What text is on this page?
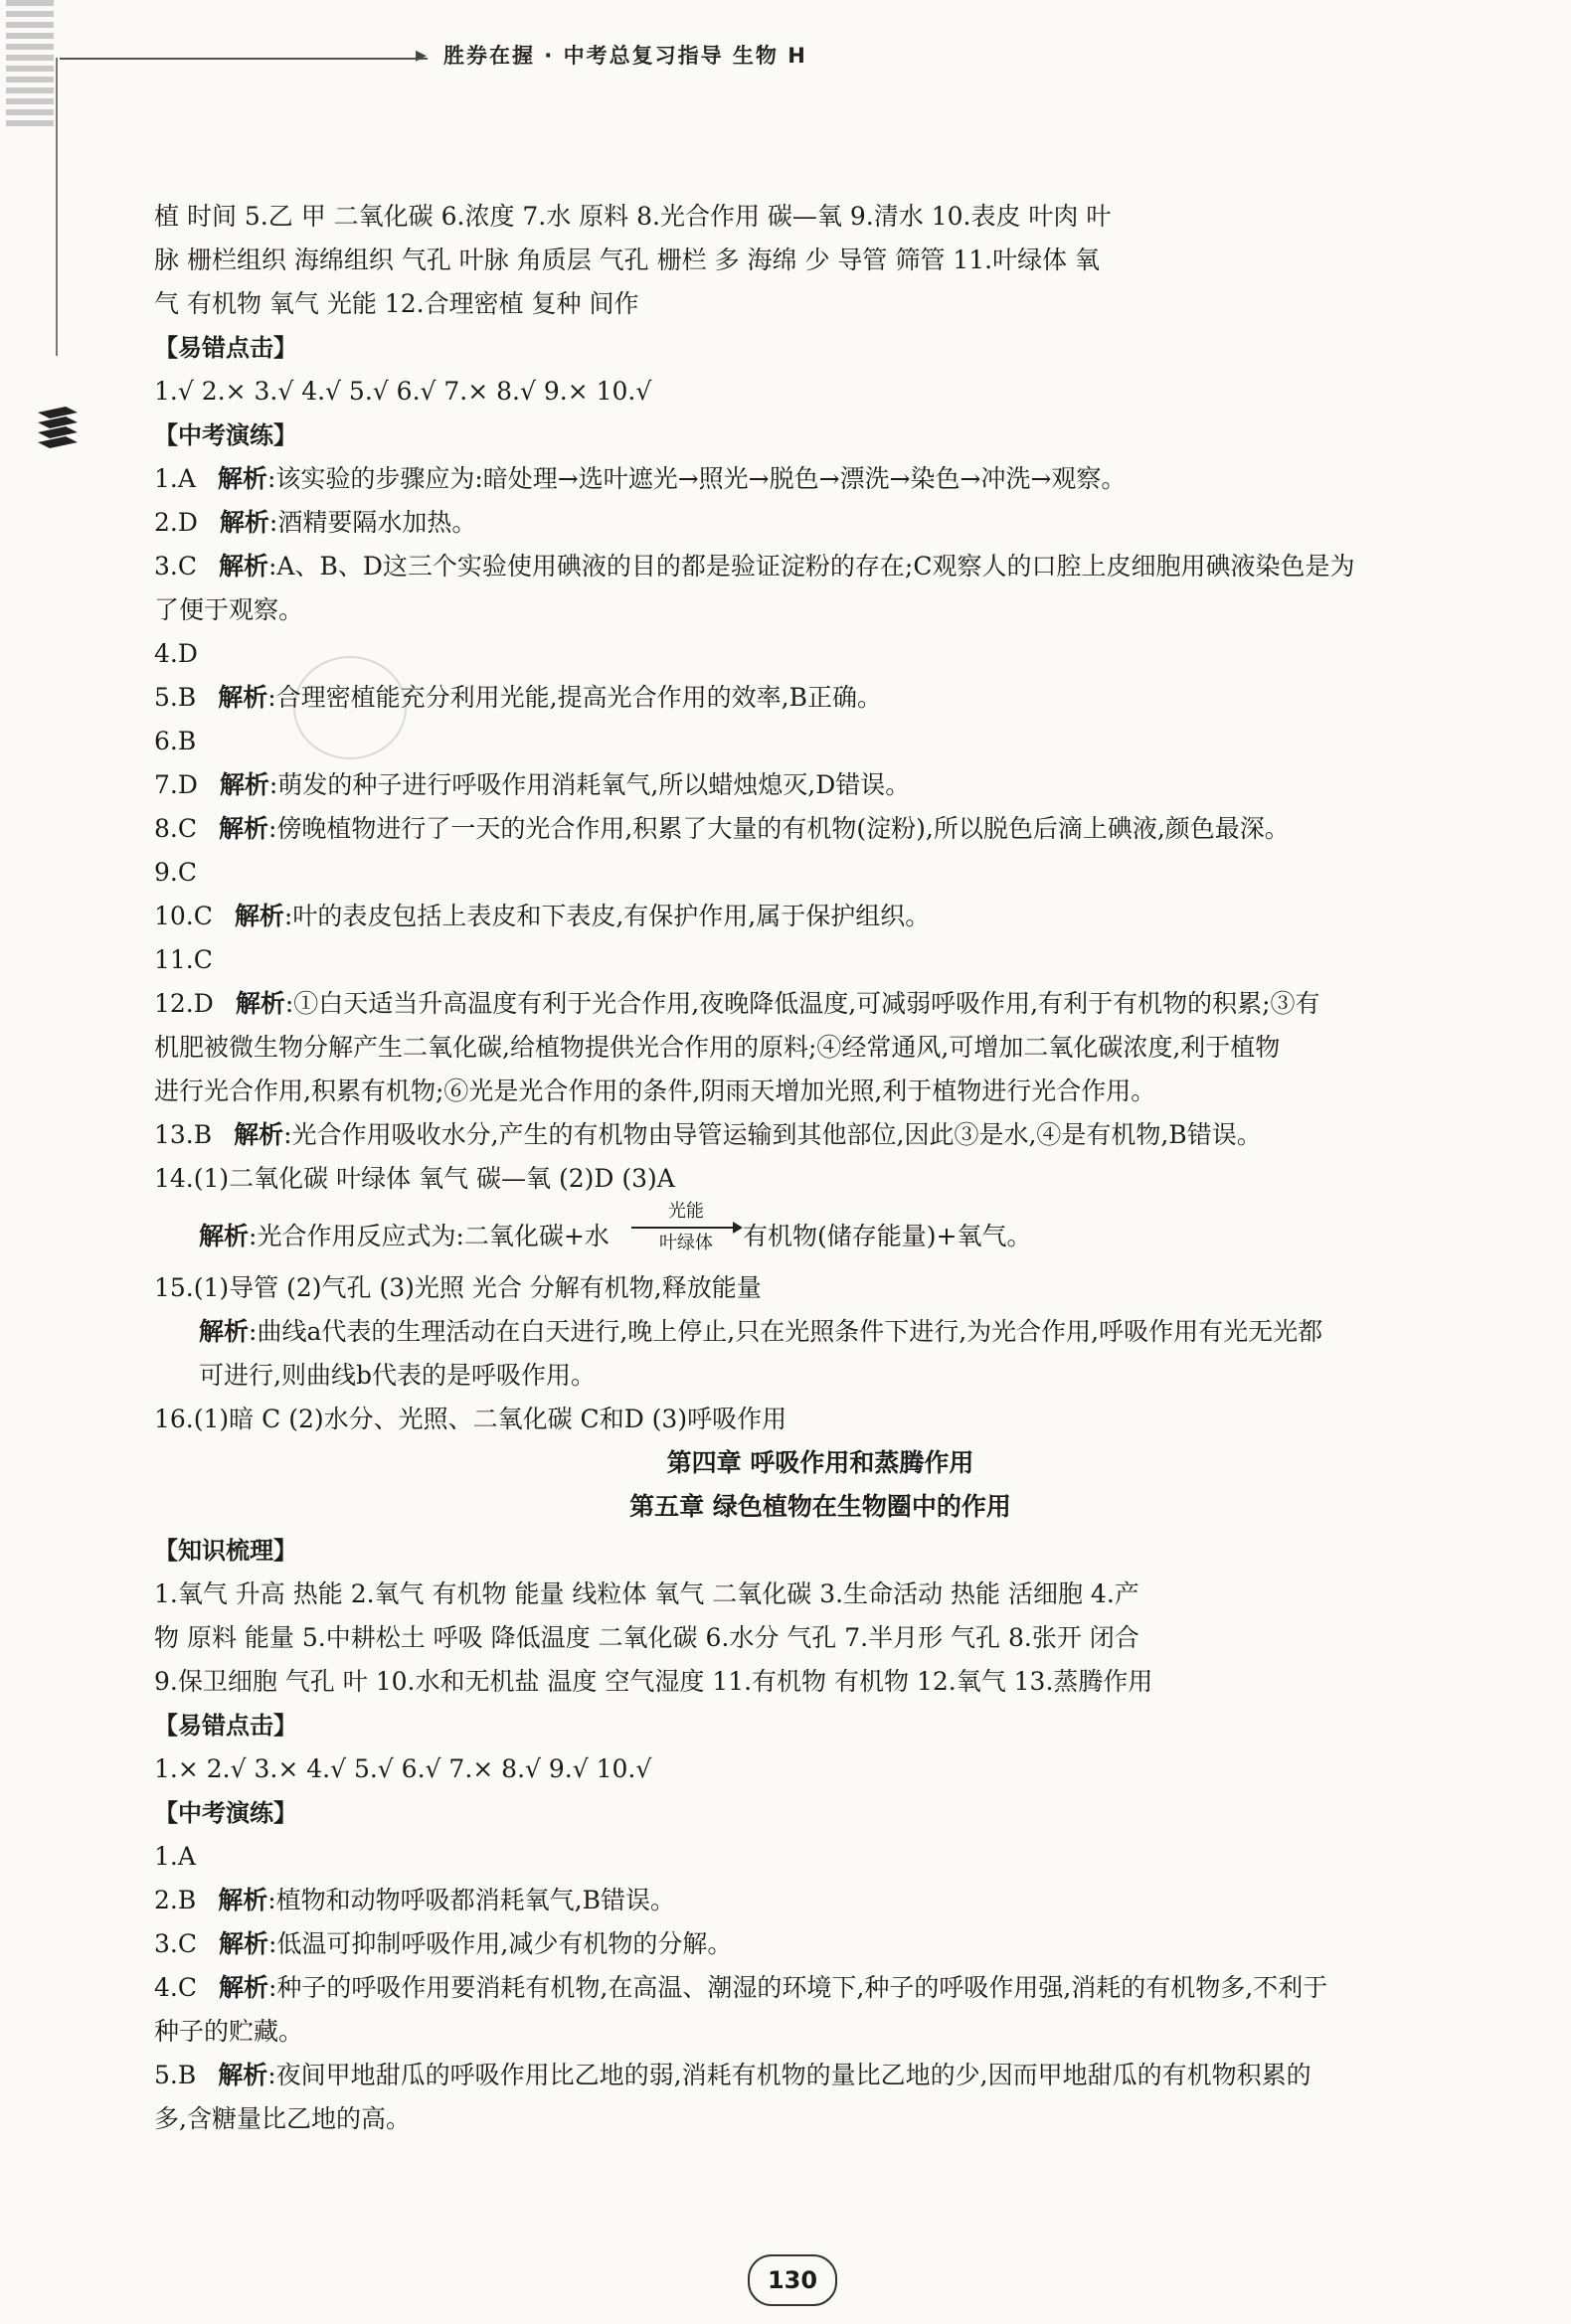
▸ 胜券在握 · 中考总复习指导 生物 H
植 时间 5.乙 甲 二氧化碳 6.浓度 7.水 原料 8.光合作用 碳—氧 9.清水 10.表皮 叶肉 叶
脉 栅栏组织 海绵组织 气孔 叶脉 角质层 气孔 栅栏 多 海绵 少 导管 筛管 11.叶绿体 氧
气 有机物 氧气 光能 12.合理密植 复种 间作
【易错点击】
1.√ 2.× 3.√ 4.√ 5.√ 6.√ 7.× 8.√ 9.× 10.√
【中考演练】
1.A 解析:该实验的步骤应为:暗处理→选叶遮光→照光→脱色→漂洗→染色→冲洗→观察。
2.D 解析:酒精要隔水加热。
3.C 解析:A、B、D这三个实验使用碘液的目的都是验证淀粉的存在;C观察人的口腔上皮细胞用碘液染色是为
了便于观察。
4.D
5.B 解析:合理密植能充分利用光能,提高光合作用的效率,B正确。
6.B
7.D 解析:萌发的种子进行呼吸作用消耗氧气,所以蜡烛熄灭,D错误。
8.C 解析:傍晚植物进行了一天的光合作用,积累了大量的有机物(淀粉),所以脱色后滴上碘液,颜色最深。
9.C
10.C 解析:叶的表皮包括上表皮和下表皮,有保护作用,属于保护组织。
11.C
12.D 解析:①白天适当升高温度有利于光合作用,夜晚降低温度,可减弱呼吸作用,有利于有机物的积累;③有
机肥被微生物分解产生二氧化碳,给植物提供光合作用的原料;④经常通风,可增加二氧化碳浓度,利于植物
进行光合作用,积累有机物;⑥光是光合作用的条件,阴雨天增加光照,利于植物进行光合作用。
13.B 解析:光合作用吸收水分,产生的有机物由导管运输到其他部位,因此③是水,④是有机物,B错误。
14.(1)二氧化碳 叶绿体 氧气 碳—氧 (2)D (3)A
解析:光合作用反应式为:二氧化碳+水
光能
叶绿体	有机物(储存能量)+氧气。
15.(1)导管 (2)气孔 (3)光照 光合 分解有机物,释放能量
解析:曲线a代表的生理活动在白天进行,晚上停止,只在光照条件下进行,为光合作用,呼吸作用有光无光都
可进行,则曲线b代表的是呼吸作用。
16.(1)暗 C (2)水分、光照、二氧化碳 C和D (3)呼吸作用
第四章 呼吸作用和蒸腾作用
第五章 绿色植物在生物圈中的作用
【知识梳理】
1.氧气 升高 热能 2.氧气 有机物 能量 线粒体 氧气 二氧化碳 3.生命活动 热能 活细胞 4.产
物 原料 能量 5.中耕松土 呼吸 降低温度 二氧化碳 6.水分 气孔 7.半月形 气孔 8.张开 闭合
9.保卫细胞 气孔 叶 10.水和无机盐 温度 空气湿度 11.有机物 有机物 12.氧气 13.蒸腾作用
【易错点击】
1.× 2.√ 3.× 4.√ 5.√ 6.√ 7.× 8.√ 9.√ 10.√
【中考演练】
1.A
2.B 解析:植物和动物呼吸都消耗氧气,B错误。
3.C 解析:低温可抑制呼吸作用,减少有机物的分解。
4.C 解析:种子的呼吸作用要消耗有机物,在高温、潮湿的环境下,种子的呼吸作用强,消耗的有机物多,不利于
种子的贮藏。
5.B 解析:夜间甲地甜瓜的呼吸作用比乙地的弱,消耗有机物的量比乙地的少,因而甲地甜瓜的有机物积累的
多,含糖量比乙地的高。
130
